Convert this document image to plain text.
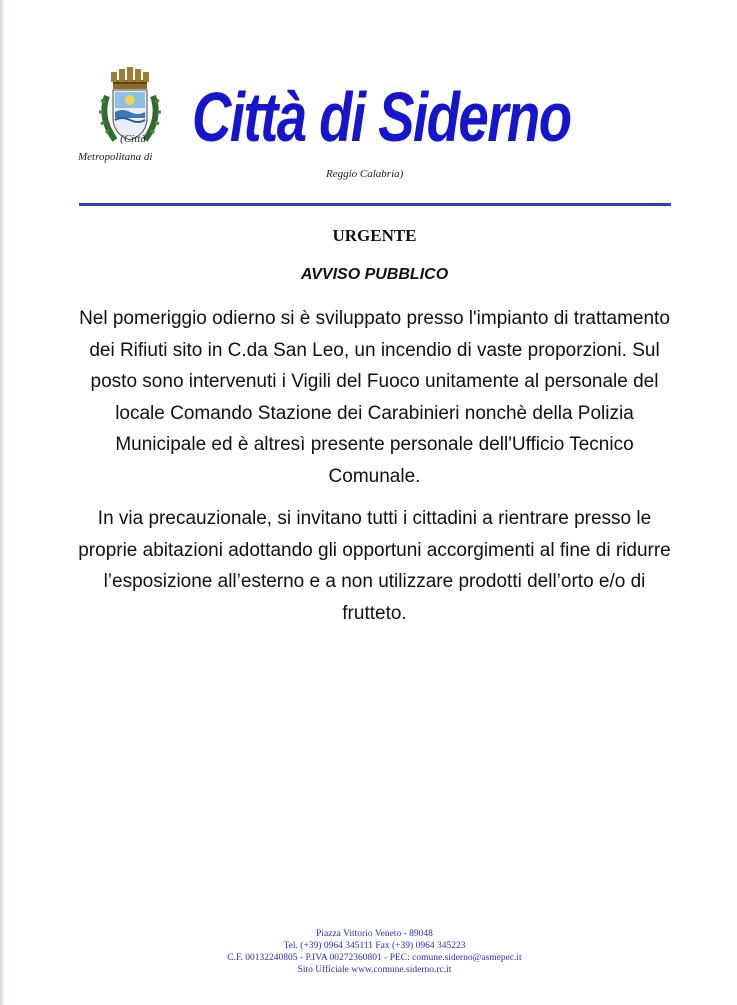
(Città
Metropolitana di
Città di Siderno
Reggio Calabria)
URGENTE
AVVISO PUBBLICO
Nel pomeriggio odierno si è sviluppato presso l'impianto di trattamento dei Rifiuti sito in C.da San Leo, un incendio di vaste proporzioni. Sul posto sono intervenuti i Vigili del Fuoco unitamente al personale del locale Comando Stazione dei Carabinieri nonchè della Polizia Municipale ed è altresì presente personale dell'Ufficio Tecnico Comunale.
In via precauzionale, si invitano tutti i cittadini a rientrare presso le proprie abitazioni adottando gli opportuni accorgimenti al fine di ridurre l’esposizione all’esterno e a non utilizzare prodotti dell’orto e/o di frutteto.
Piazza Vittorio Veneto - 89048
Tel. (+39) 0964 345111 Fax (+39) 0964 345223
C.F. 00132240805 - P.IVA 00272360801 - PEC: comune.siderno@asmepec.it
Sito Ufficiale www.comune.siderno.rc.it
